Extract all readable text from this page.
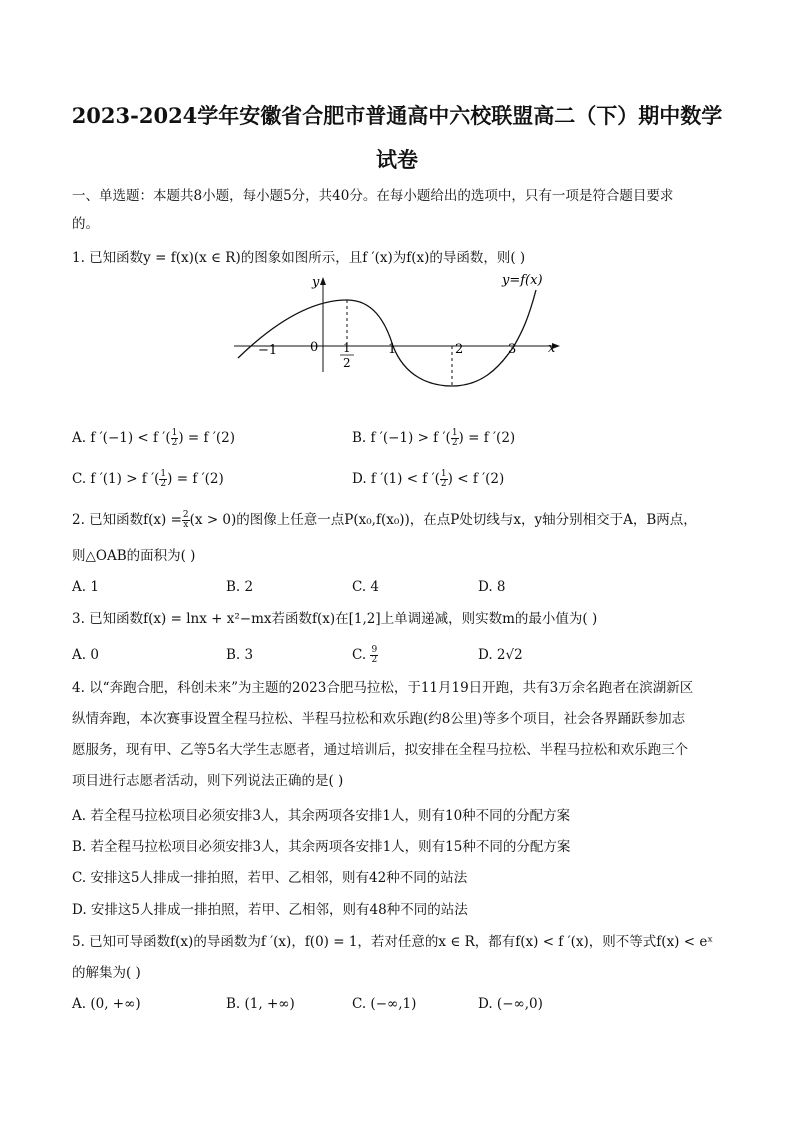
2023-2024学年安徽省合肥市普通高中六校联盟高二（下）期中数学
试卷
一、单选题：本题共8小题，每小题5分，共40分。在每小题给出的选项中，只有一项是符合题目要求
的。
1. 已知函数y = f(x)(x ∈ R)的图象如图所示，且f ′(x)为f(x)的导函数，则( )
y
x
y=f(x)
0
−1	1
2
1	2	3
A. f ′(−1) < f ′( $\frac{1}{2}$ ) = f ′(2)	B. f ′(−1) > f ′( $\frac{1}{2}$ ) = f ′(2)
C. f ′(1) > f ′( $\frac{1}{2}$ ) = f ′(2)	D. f ′(1) < f ′( $\frac{1}{2}$ ) < f ′(2)
2. 已知函数$f(x) = \frac{2}{x} (x > 0)$的图像上任意一点P(x₀,f(x₀))，在点P处切线与x，y轴分别相交于A，B两点，
则△OAB的面积为( )
A. 1	B. 2	C. 4	D. 8
3. 已知函数f(x) = lnx + x²−mx若函数f(x)在[1,2]上单调递减，则实数m的最小值为( )
A. 0	B. 3	C. $\frac{9}{2}$	D. 2√2
4. 以“奔跑合肥，科创未来”为主题的2023合肥马拉松，于11月19日开跑，共有3万余名跑者在滨湖新区
纵情奔跑，本次赛事设置全程马拉松、半程马拉松和欢乐跑(约8公里)等多个项目，社会各界踊跃参加志
愿服务，现有甲、乙等5名大学生志愿者，通过培训后，拟安排在全程马拉松、半程马拉松和欢乐跑三个
项目进行志愿者活动，则下列说法正确的是( )
A. 若全程马拉松项目必须安排3人，其余两项各安排1人，则有10种不同的分配方案
B. 若全程马拉松项目必须安排3人，其余两项各安排1人，则有15种不同的分配方案
C. 安排这5人排成一排拍照，若甲、乙相邻，则有42种不同的站法
D. 安排这5人排成一排拍照，若甲、乙相邻，则有48种不同的站法
5. 已知可导函数f(x)的导函数为f ′(x)，f(0) = 1，若对任意的x ∈ R，都有f(x) < f ′(x)，则不等式f(x) < eˣ
的解集为( )
A. (0, +∞)	B. (1, +∞)	C. (−∞,1)	D. (−∞,0)
